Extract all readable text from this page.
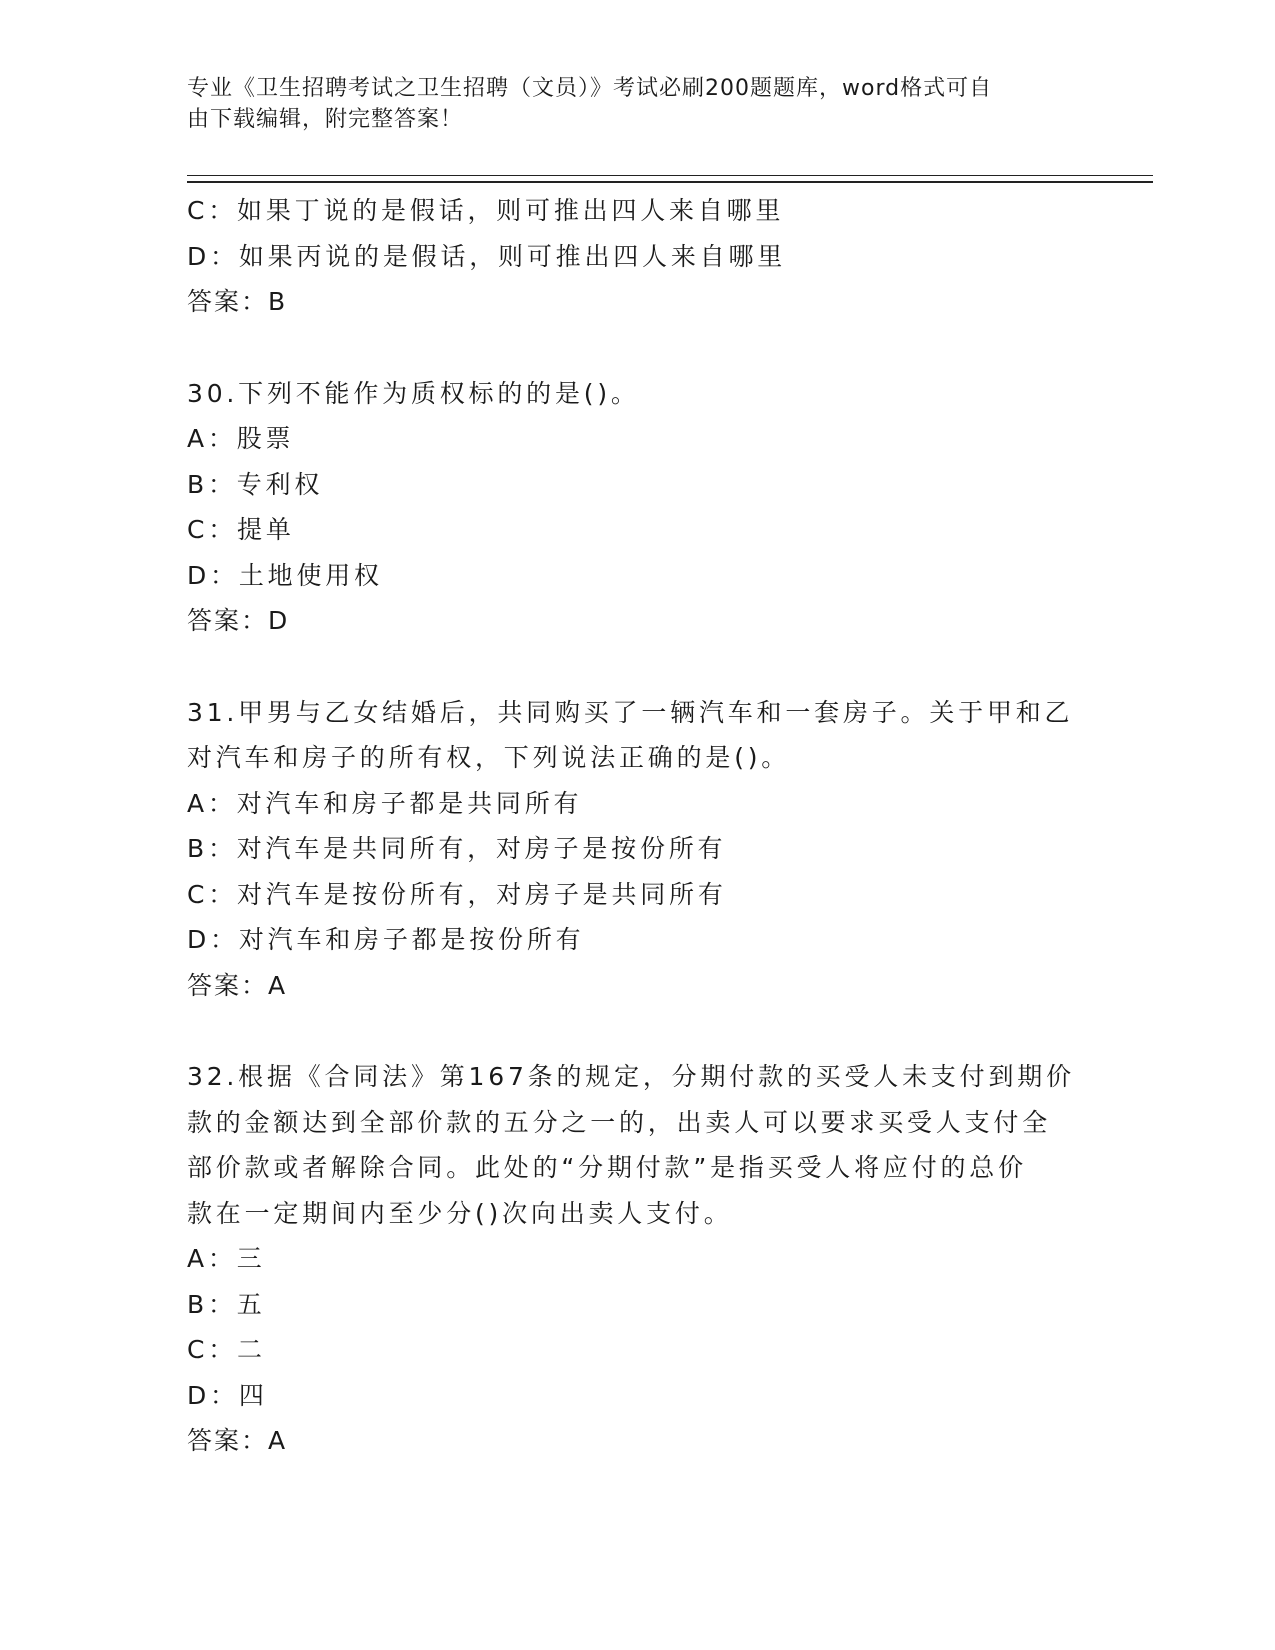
专业《卫生招聘考试之卫生招聘（文员）》考试必刷200题题库，word格式可自
由下载编辑，附完整答案！
C：如果丁说的是假话，则可推出四人来自哪里
D：如果丙说的是假话，则可推出四人来自哪里
答案：B
30.下列不能作为质权标的的是()。
A：股票
B：专利权
C：提单
D：土地使用权
答案：D
31.甲男与乙女结婚后，共同购买了一辆汽车和一套房子。关于甲和乙
对汽车和房子的所有权，下列说法正确的是()。
A：对汽车和房子都是共同所有
B：对汽车是共同所有，对房子是按份所有
C：对汽车是按份所有，对房子是共同所有
D：对汽车和房子都是按份所有
答案：A
32.根据《合同法》第167条的规定，分期付款的买受人未支付到期价
款的金额达到全部价款的五分之一的，出卖人可以要求买受人支付全
部价款或者解除合同。此处的“分期付款”是指买受人将应付的总价
款在一定期间内至少分()次向出卖人支付。
A：三
B：五
C：二
D：四
答案：A
